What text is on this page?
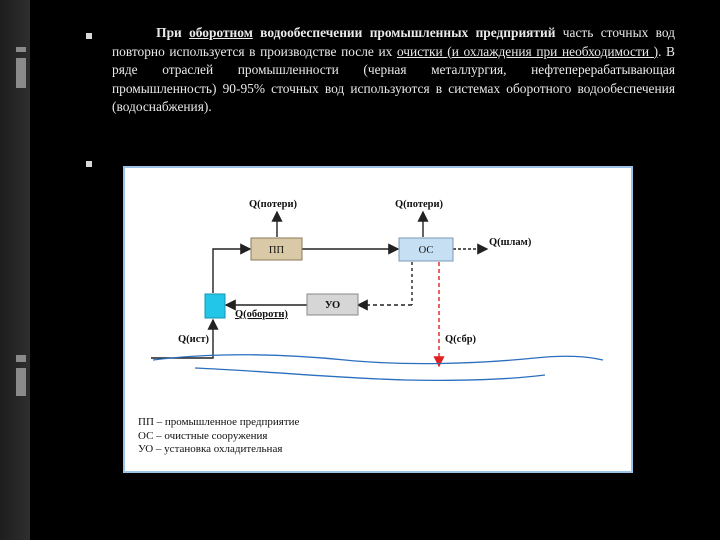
При оборотном водообеспечении промышленных предприятий часть сточных вод повторно используется в производстве после их очистки (и охлаждения при необходимости ). В ряде отраслей промышленности (черная металлургия, нефтеперерабатывающая промышленность) 90-95% сточных вод используются в системах оборотного водообеспечения (водоснабжения).

ПП	ОС
УО
Q(потери)	Q(потери)
Q(шлам)
Q(оборотн)
Q(ист)	Q(сбр)
ПП – промышленное предприятие
ОС – очистные сооружения
УО – установка охладительная
